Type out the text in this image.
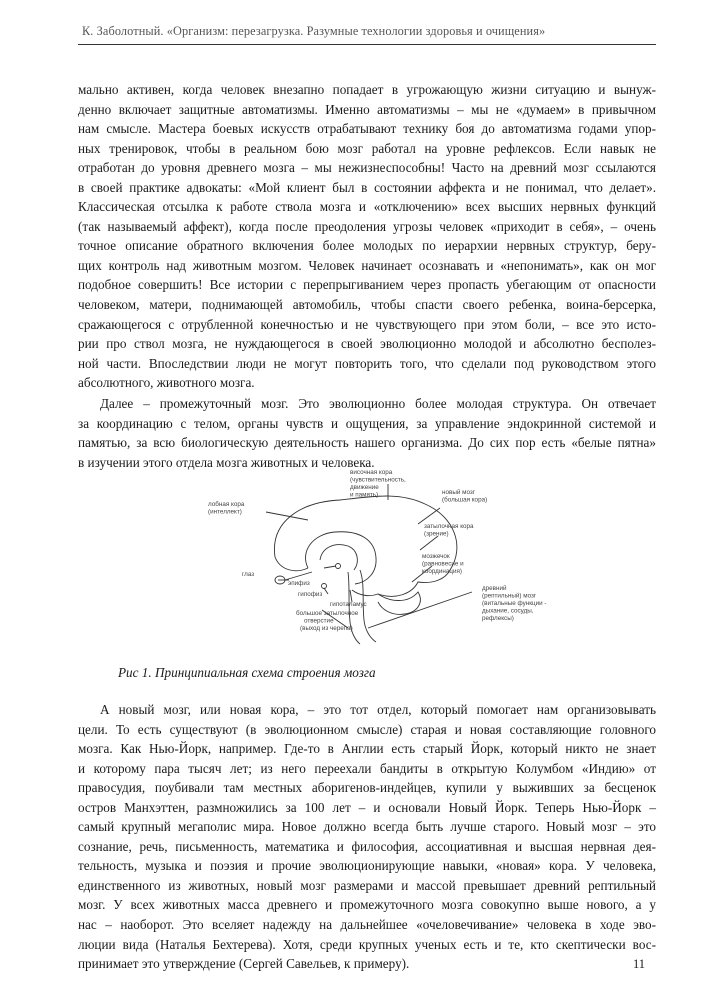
К. Заболотный. «Организм: перезагрузка. Разумные технологии здоровья и очищения»
мально активен, когда человек внезапно попадает в угрожающую жизни ситуацию и вынуж-
денно включает защитные автоматизмы. Именно автоматизмы – мы не «думаем» в привычном
нам смысле. Мастера боевых искусств отрабатывают технику боя до автоматизма годами упор-
ных тренировок, чтобы в реальном бою мозг работал на уровне рефлексов. Если навык не
отработан до уровня древнего мозга – мы нежизнеспособны! Часто на древний мозг ссылаются
в своей практике адвокаты: «Мой клиент был в состоянии аффекта и не понимал, что делает».
Классическая отсылка к работе ствола мозга и «отключению» всех высших нервных функций
(так называемый аффект), когда после преодоления угрозы человек «приходит в себя», – очень
точное описание обратного включения более молодых по иерархии нервных структур, беру-
щих контроль над животным мозгом. Человек начинает осознавать и «непонимать», как он мог
подобное совершить! Все истории с перепрыгиванием через пропасть убегающим от опасности
человеком, матери, поднимающей автомобиль, чтобы спасти своего ребенка, воина-берсерка,
сражающегося с отрубленной конечностью и не чувствующего при этом боли, – все это исто-
рии про ствол мозга, не нуждающегося в своей эволюционно молодой и абсолютно бесполез-
ной части. Впоследствии люди не могут повторить того, что сделали под руководством этого
абсолютного, животного мозга.
Далее – промежуточный мозг. Это эволюционно более молодая структура. Он отвечает
за координацию с телом, органы чувств и ощущения, за управление эндокринной системой и
памятью, за всю биологическую деятельность нашего организма. До сих пор есть «белые пятна»
в изучении этого отдела мозга животных и человека.
височная кора (чувствительность, движение и память)
лобная кора (интеллект)
новый мозг (большая кора)
затылочная кора (зрение)
мозжечок (равновесие и координация)
глаз
эпифиз
гипофиз
гипоталамус
большое затылочное отверстие (выход из черепа)
древний (рептильный) мозг (витальные функции -дыхание, сосуды, рефлексы)
Рис 1. Принципиальная схема строения мозга
А новый мозг, или новая кора, – это тот отдел, который помогает нам организовывать
цели. То есть существуют (в эволюционном смысле) старая и новая составляющие головного
мозга. Как Нью-Йорк, например. Где-то в Англии есть старый Йорк, который никто не знает
и которому пара тысяч лет; из него переехали бандиты в открытую Колумбом «Индию» от
правосудия, поубивали там местных аборигенов-индейцев, купили у выживших за бесценок
остров Манхэттен, размножились за 100 лет – и основали Новый Йорк. Теперь Нью-Йорк –
самый крупный мегаполис мира. Новое должно всегда быть лучше старого. Новый мозг – это
сознание, речь, письменность, математика и философия, ассоциативная и высшая нервная дея-
тельность, музыка и поэзия и прочие эволюционирующие навыки, «новая» кора. У человека,
единственного из животных, новый мозг размерами и массой превышает древний рептильный
мозг. У всех животных масса древнего и промежуточного мозга совокупно выше нового, а у
нас – наоборот. Это вселяет надежду на дальнейшее «очеловечивание» человека в ходе эво-
люции вида (Наталья Бехтерева). Хотя, среди крупных ученых есть и те, кто скептически вос-
принимает это утверждение (Сергей Савельев, к примеру).	11
